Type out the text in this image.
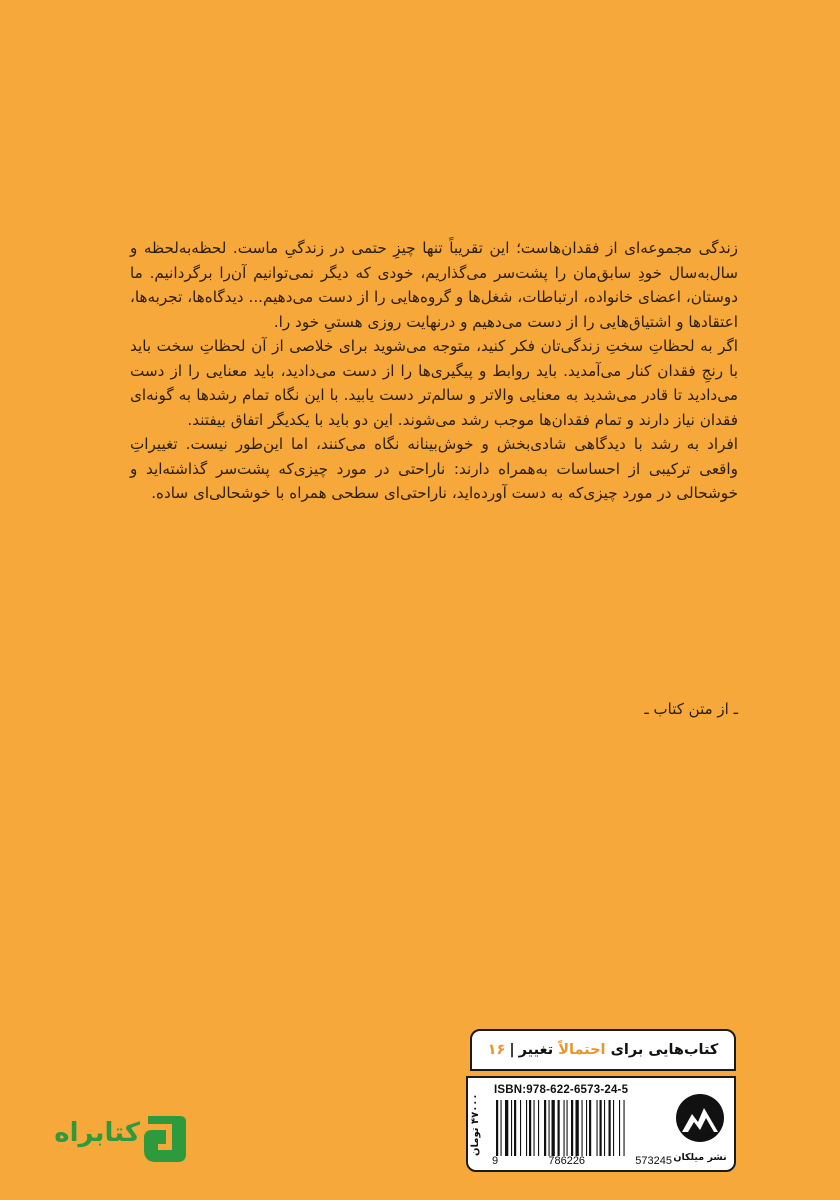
زندگی مجموعه‌ای از فقدان‌هاست؛ این تقریباً تنها چیزِ حتمی در زندگیِ ماست. لحظه‌به‌لحظه و سال‌به‌سال خودِ سابق‌مان را پشت‌سر می‌گذاریم، خودی که دیگر نمی‌توانیم آن‌را برگردانیم. ما دوستان، اعضای خانواده، ارتباطات، شغل‌ها و گروه‌هایی را از دست می‌دهیم... دیدگاه‌ها، تجربه‌ها، اعتقادها و اشتیاق‌هایی را از دست می‌دهیم و درنهایت روزی هستیِ خود را.

اگر به لحظاتِ سختِ زندگی‌تان فکر کنید، متوجه می‌شوید برای خلاصی از آن لحظاتِ سخت باید با رنجِ فقدان کنار می‌آمدید. باید روابط و پیگیری‌ها را از دست می‌دادید، باید معنایی را از دست می‌دادید تا قادر می‌شدید به معنایی والاتر و سالم‌تر دست یابید. با این نگاه تمام رشدها به گونه‌ای فقدان نیاز دارند و تمام فقدان‌ها موجب رشد می‌شوند. این دو باید با یکدیگر اتفاق بیفتند.

افراد به رشد با دیدگاهی شادی‌بخش و خوش‌بینانه نگاه می‌کنند، اما این‌طور نیست. تغییراتِ واقعی ترکیبی از احساسات به‌همراه دارند: ناراحتی در مورد چیزی‌که پشت‌سر گذاشته‌اید و خوشحالی در مورد چیزی‌که به دست آورده‌اید، ناراحتی‌ای سطحی همراه با خوشحالی‌ای ساده.

ـ از متن کتاب ـ
کتاب‌هایی برای

احتمالاً

تغییر
|
۱۶
۴۷۰۰۰ تومان
ISBN:978-622-6573-24-5
9	786226	573245 نشر میلکان
کتابراه
